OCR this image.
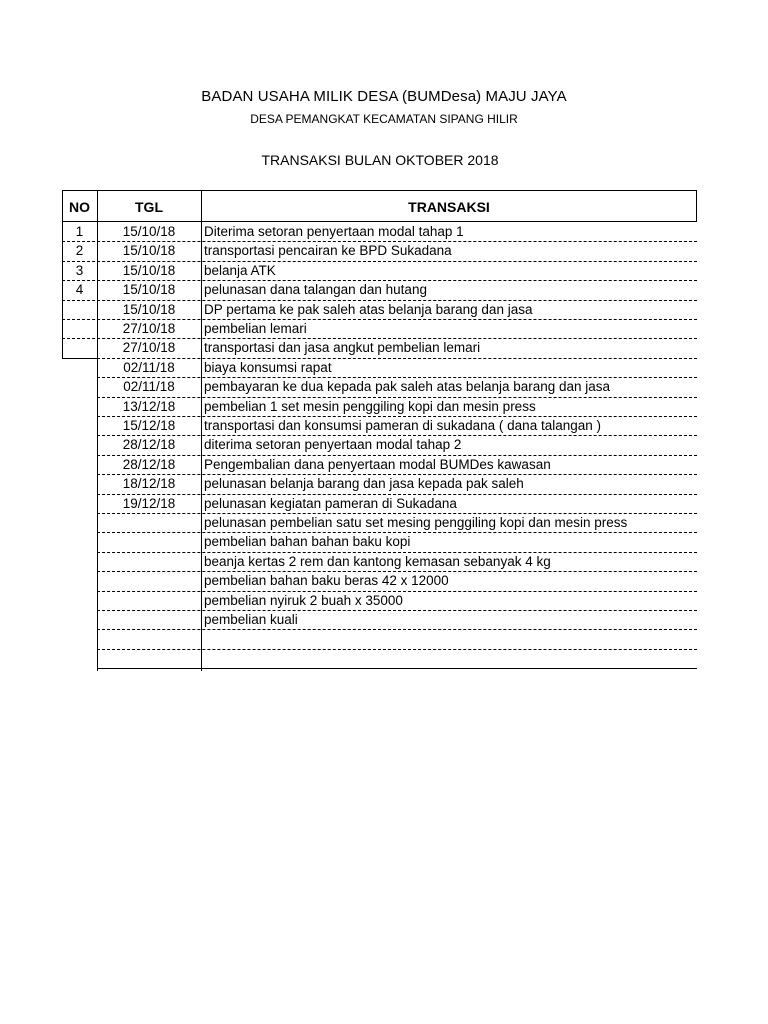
BADAN USAHA MILIK DESA (BUMDesa) MAJU JAYA
DESA PEMANGKAT KECAMATAN SIPANG HILIR
TRANSAKSI BULAN OKTOBER 2018
NO	TGL	TRANSAKSI
1	15/10/18	Diterima setoran penyertaan modal tahap 1
2	15/10/18	transportasi pencairan ke BPD Sukadana
3	15/10/18	belanja ATK
4	15/10/18	pelunasan dana talangan dan hutang
15/10/18	DP pertama ke pak saleh atas belanja barang dan jasa
27/10/18	pembelian lemari
27/10/18	transportasi dan jasa angkut pembelian lemari
02/11/18	biaya konsumsi rapat
02/11/18	pembayaran ke dua kepada pak saleh atas belanja barang dan jasa
13/12/18	pembelian 1 set mesin penggiling kopi dan mesin press
15/12/18	transportasi dan konsumsi pameran di sukadana ( dana talangan )
28/12/18	diterima setoran penyertaan modal tahap 2
28/12/18	Pengembalian dana penyertaan modal BUMDes kawasan
18/12/18	pelunasan belanja barang dan jasa kepada pak saleh
19/12/18	pelunasan kegiatan pameran di Sukadana
pelunasan pembelian satu set mesing penggiling kopi dan mesin press
pembelian bahan bahan baku kopi
beanja kertas 2 rem dan kantong kemasan sebanyak 4 kg
pembelian bahan baku beras 42 x 12000
pembelian nyiruk 2 buah x 35000
pembelian kuali
